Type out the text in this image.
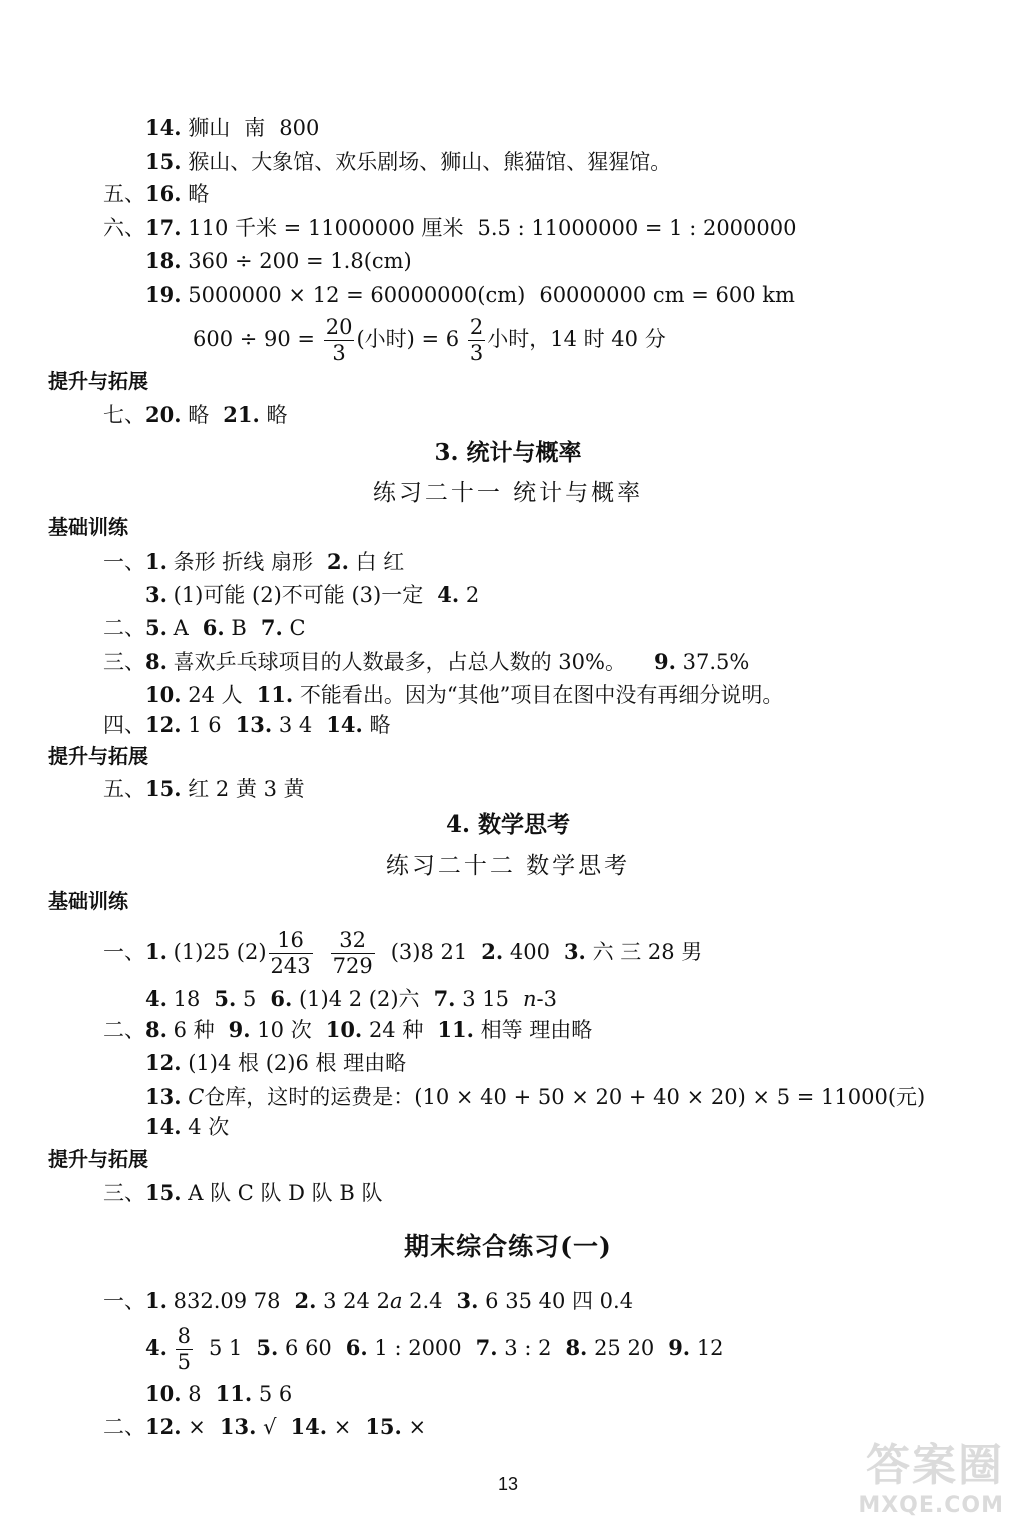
14. 狮山 南 800
15. 猴山、大象馆、欢乐剧场、狮山、熊猫馆、猩猩馆。
五、16. 略
六、17. 110 千米 = 11000000 厘米 5.5 : 11000000 = 1 : 2000000
18. 360 ÷ 200 = 1.8(cm)
19. 5000000 × 12 = 60000000(cm) 60000000 cm = 600 km
$600 \div 90 = \frac{20}{3}$ (小时) = $6 \frac{2}{3}$ 小时，14 时 40 分
提升与拓展
七、20. 略 21. 略
3. 统计与概率
练习二十一 统计与概率
基础训练
一、1. 条形 折线 扇形 2. 白 红
3. (1)可能 (2)不可能 (3)一定 4. 2
二、5. A 6. B 7. C
三、8. 喜欢乒乓球项目的人数最多，占总人数的 30%。 9. 37.5%
10. 24 人 11. 不能看出。因为“其他”项目在图中没有再细分说明。
四、12. 1 6 13. 3 4 14. 略
提升与拓展
五、15. 红 2 黄 3 黄
4. 数学思考
练习二十二 数学思考
基础训练
一、1. (1)25 $(2) \frac{16}{243} \frac{32}{729} (3)8$ 21 2. 400 3. 六 三 28 男
4. 18 5. 5 6. (1)4 2 (2)六 7. 3 15 n-3
二、8. 6 种 9. 10 次 10. 24 种 11. 相等 理由略
12. (1)4 根 (2)6 根 理由略
13. C仓库，这时的运费是：(10 × 40 + 50 × 20 + 40 × 20) × 5 = 11000(元)
14. 4 次
提升与拓展
三、15. A 队 C 队 D 队 B 队
期末综合练习(一)
一、1. 832.09 78 2. 3 24 2a 2.4 3. 6 35 40 四 0.4
4. $\frac{8}{5} 5$ 1 5. 6 60 6. 1 : 2000 7. 3 : 2 8. 25 20 9. 12
10. 8 11. 5 6
二、12. × 13. √ 14. × 15. ×
13	答案圈
MXQE.COM
